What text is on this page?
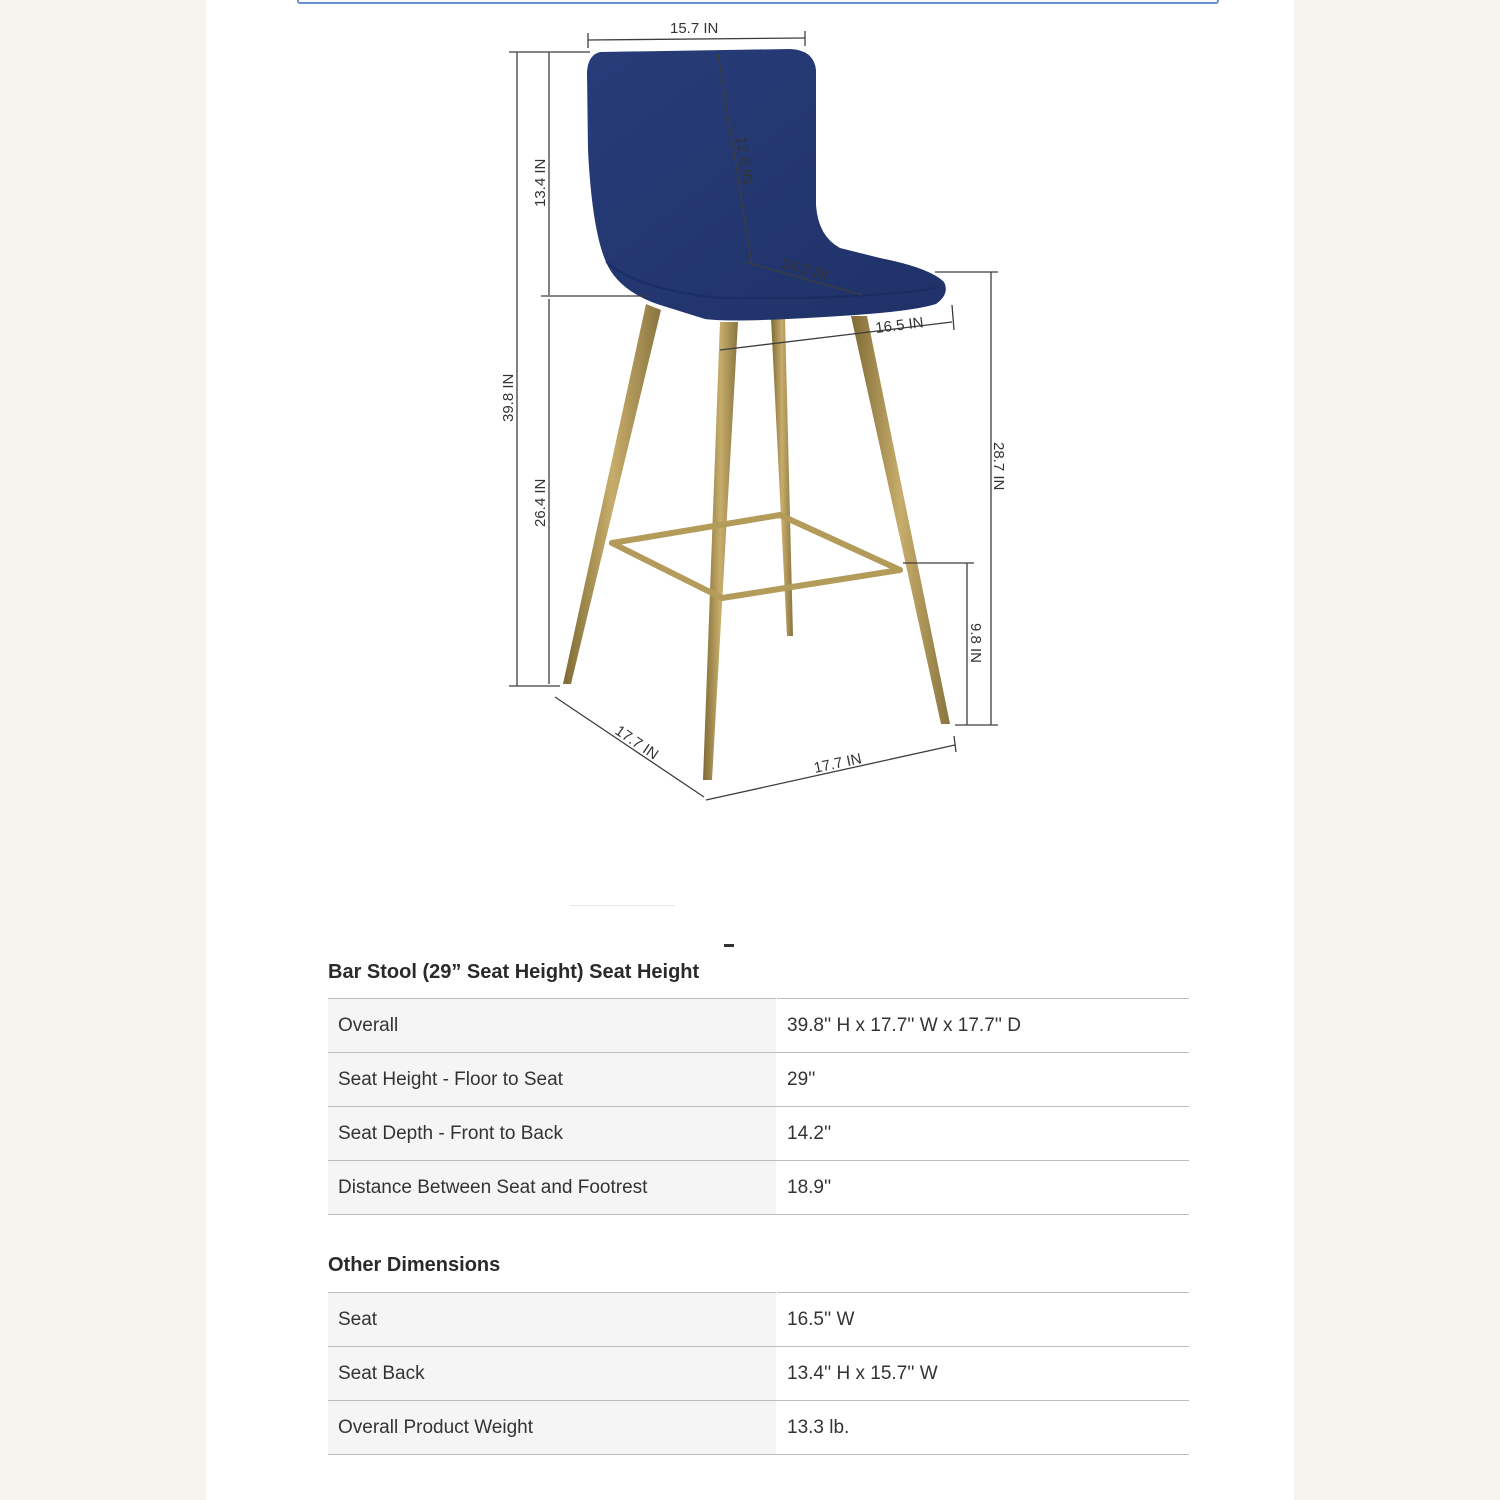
15.7 IN
39.8 IN
13.4 IN	12.6 IN
14.2 IN
16.5 IN
26.4 IN
28.7 IN
9.8 IN
17.7 IN
17.7 IN
Bar Stool (29” Seat Height) Seat Height
Overall	39.8'' H x 17.7'' W x 17.7'' D
Seat Height - Floor to Seat	29''
Seat Depth - Front to Back	14.2''
Distance Between Seat and Footrest	18.9''
Other Dimensions
Seat	16.5'' W
Seat Back	13.4'' H x 15.7'' W
Overall Product Weight	13.3 lb.
